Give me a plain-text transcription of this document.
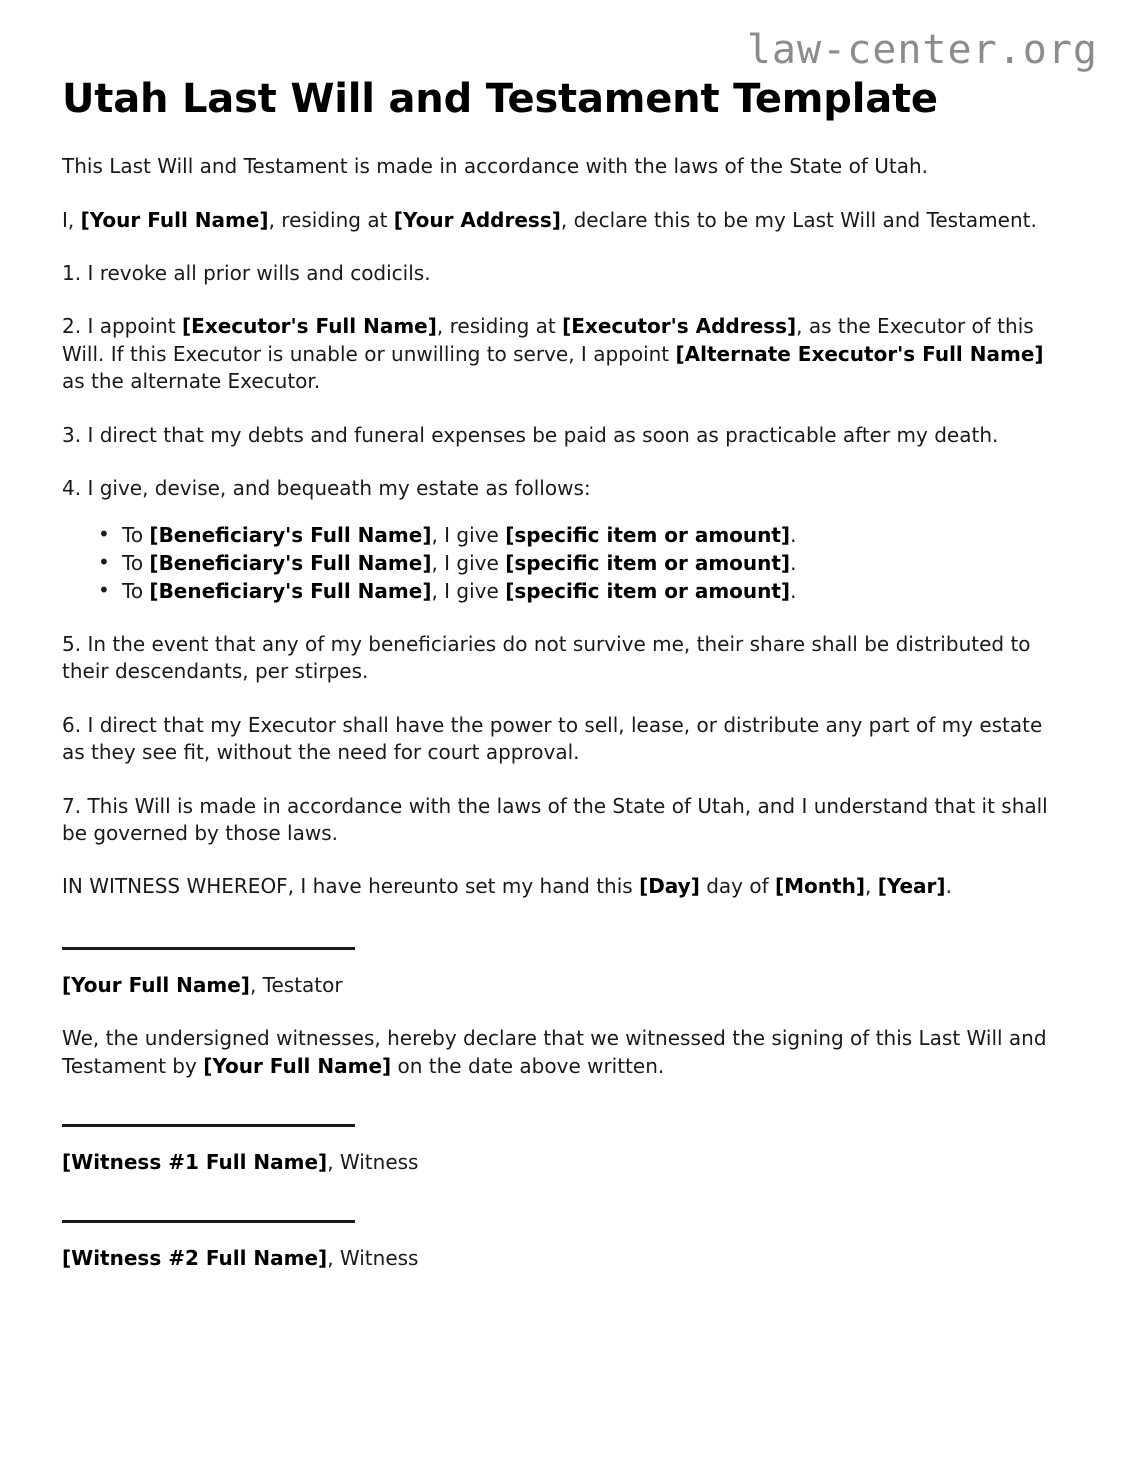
law-center.org
Utah Last Will and Testament Template

This Last Will and Testament is made in accordance with the laws of the State of Utah.

I, [Your Full Name], residing at [Your Address], declare this to be my Last Will and Testament.

1. I revoke all prior wills and codicils.

2. I appoint [Executor's Full Name], residing at [Executor's Address], as the Executor of this Will. If this Executor is unable or unwilling to serve, I appoint [Alternate Executor's Full Name] as the alternate Executor.

3. I direct that my debts and funeral expenses be paid as soon as practicable after my death.

4. I give, devise, and bequeath my estate as follows:

• To [Beneficiary's Full Name], I give [specific item or amount].
• To [Beneficiary's Full Name], I give [specific item or amount].
• To [Beneficiary's Full Name], I give [specific item or amount].

5. In the event that any of my beneficiaries do not survive me, their share shall be distributed to their descendants, per stirpes.

6. I direct that my Executor shall have the power to sell, lease, or distribute any part of my estate as they see fit, without the need for court approval.

7. This Will is made in accordance with the laws of the State of Utah, and I understand that it shall be governed by those laws.

IN WITNESS WHEREOF, I have hereunto set my hand this [Day] day of [Month], [Year].

[Your Full Name], Testator

We, the undersigned witnesses, hereby declare that we witnessed the signing of this Last Will and Testament by [Your Full Name] on the date above written.

[Witness #1 Full Name], Witness
[Witness #2 Full Name], Witness
